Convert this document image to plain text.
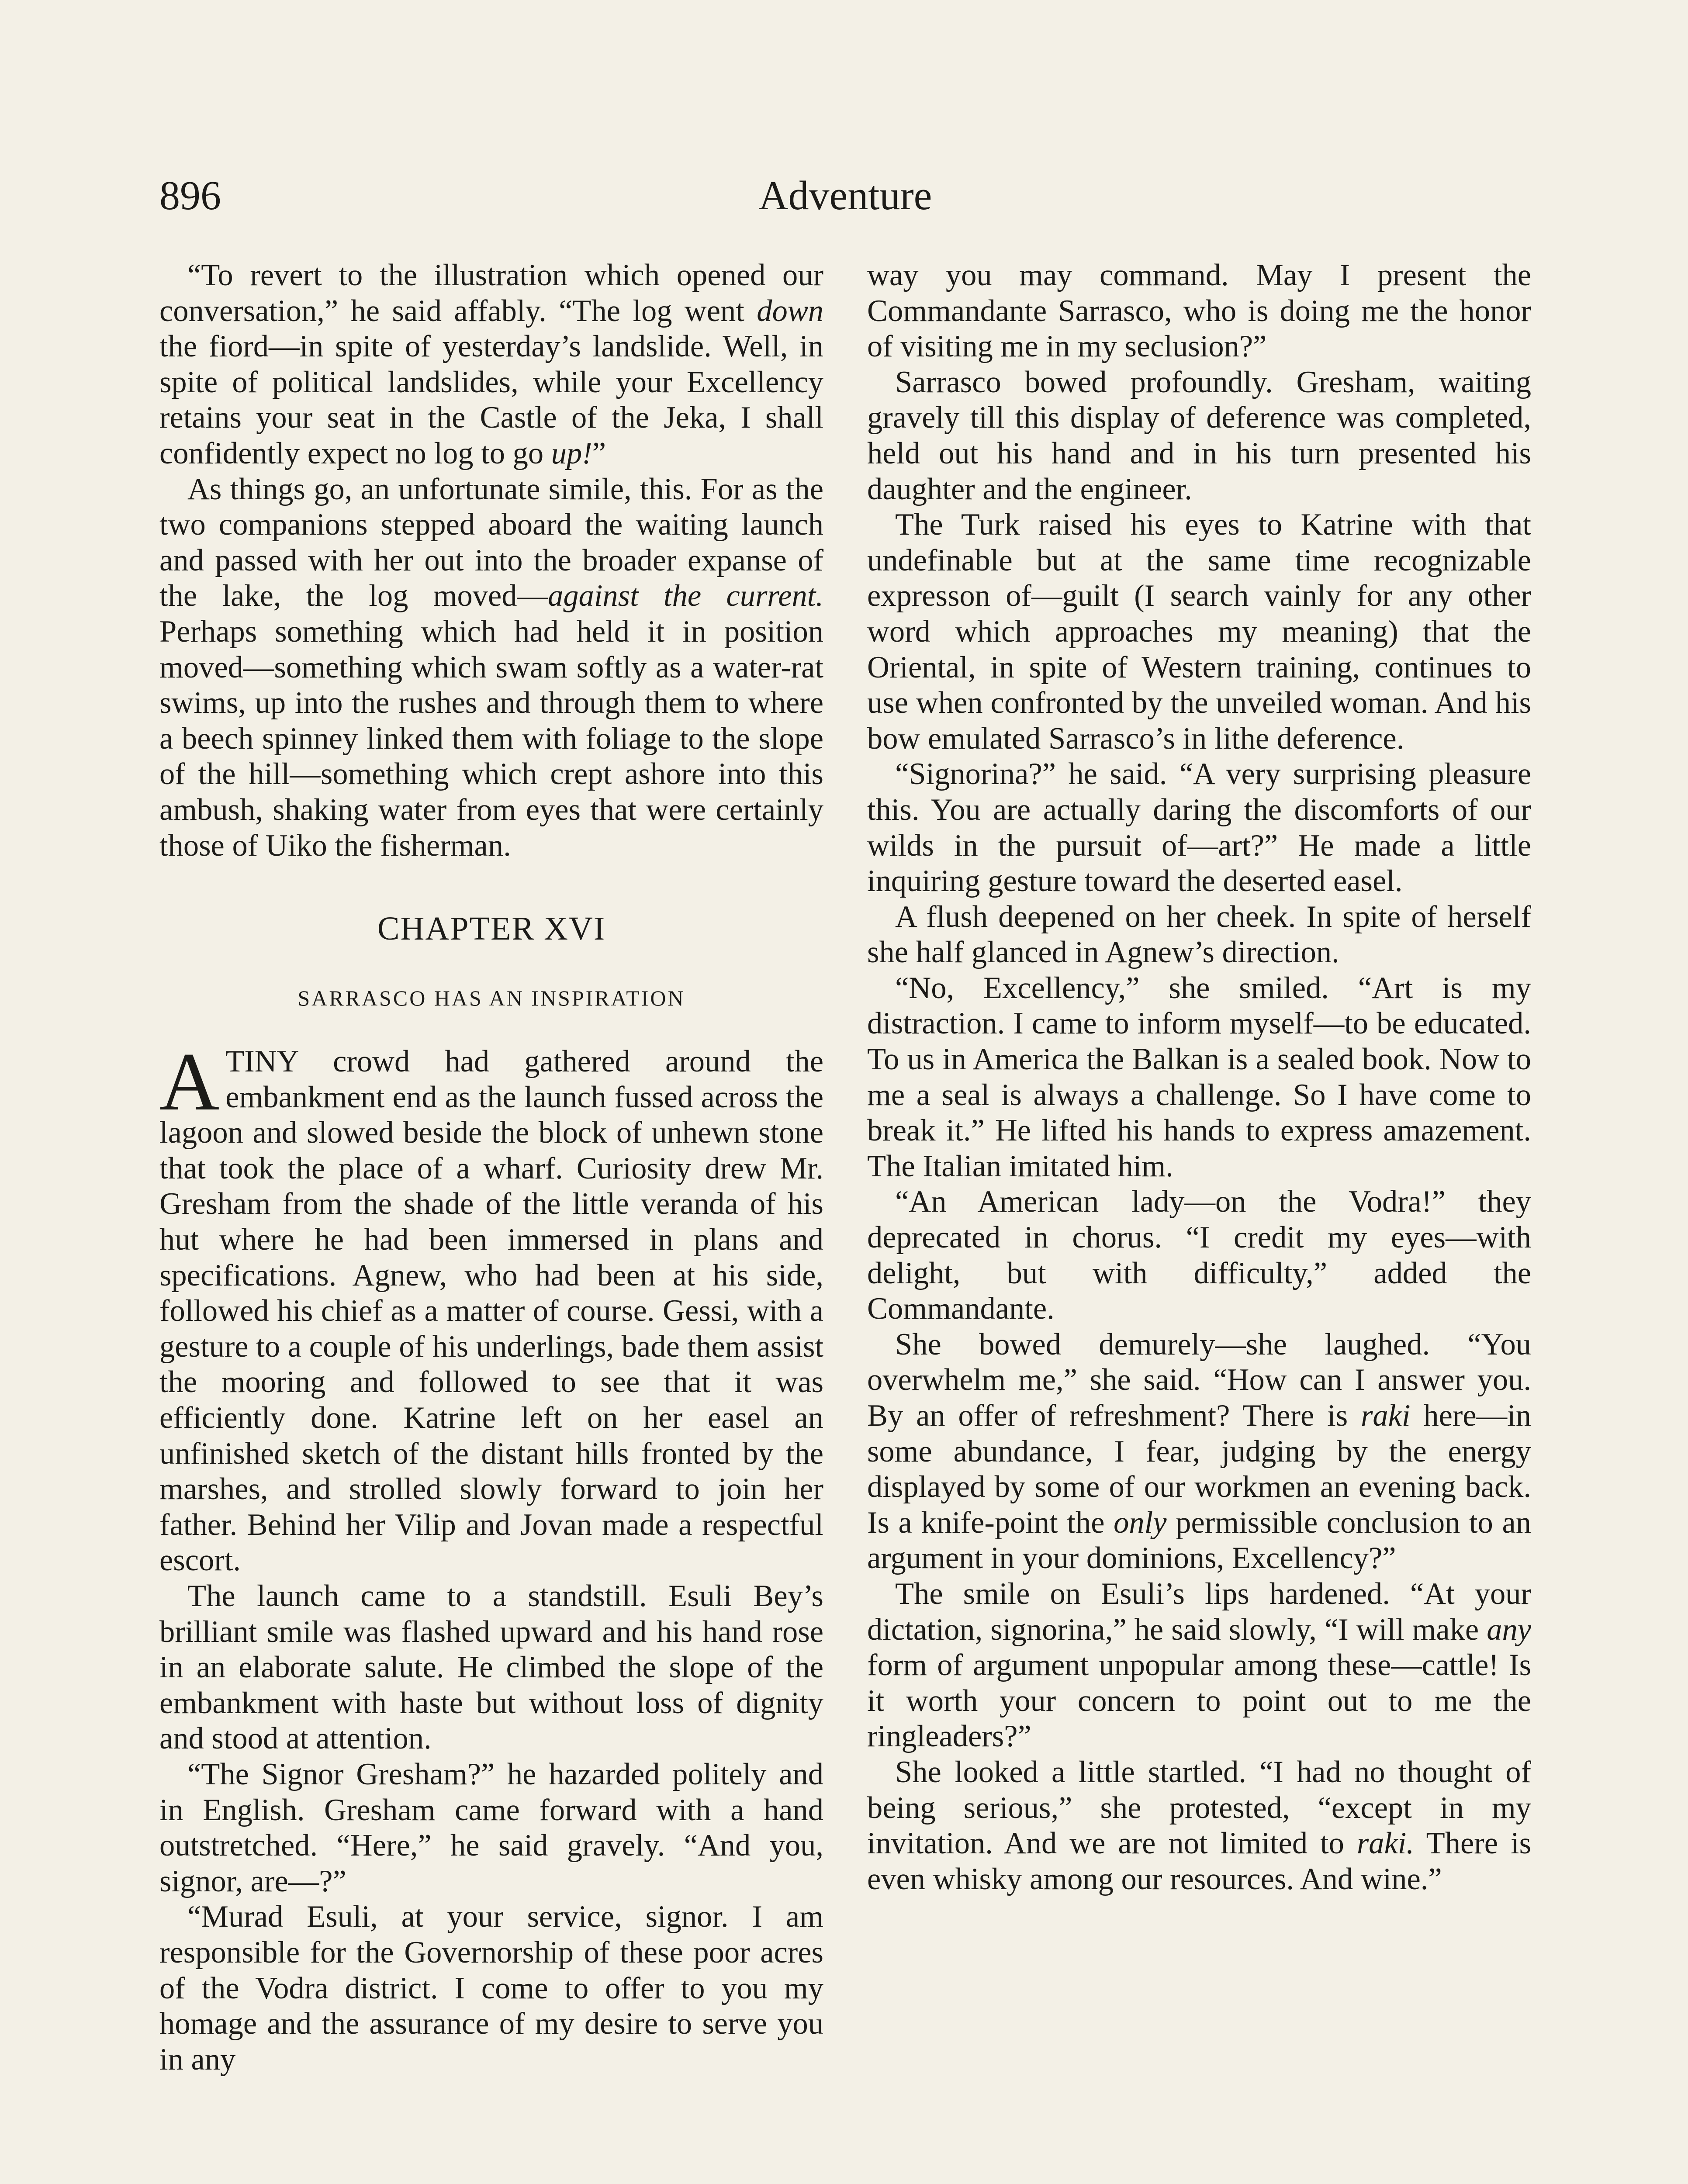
896	Adventure

“To revert to the illustration which opened our conversation,” he said affably. “The log went down the fiord—in spite of yesterday’s landslide. Well, in spite of political landslides, while your Excellency retains your seat in the Castle of the Jeka, I shall confidently expect no log to go up!”

As things go, an unfortunate simile, this. For as the two companions stepped aboard the waiting launch and passed with her out into the broader expanse of the lake, the log moved—against the current. Perhaps something which had held it in position moved—something which swam softly as a water-rat swims, up into the rushes and through them to where a beech spinney linked them with foliage to the slope of the hill—something which crept ashore into this ambush, shaking water from eyes that were certainly those of Uiko the fisherman.

CHAPTER XVI
SARRASCO HAS AN INSPIRATION

ATINY crowd had gathered around the embankment end as the launch fussed across the lagoon and slowed beside the block of unhewn stone that took the place of a wharf. Curiosity drew Mr. Gresham from the shade of the little veranda of his hut where he had been immersed in plans and specifications. Agnew, who had been at his side, followed his chief as a matter of course. Gessi, with a gesture to a couple of his underlings, bade them assist the mooring and followed to see that it was efficiently done. Katrine left on her easel an unfinished sketch of the distant hills fronted by the marshes, and strolled slowly forward to join her father. Behind her Vilip and Jovan made a respectful escort.

The launch came to a standstill. Esuli Bey’s brilliant smile was flashed upward and his hand rose in an elaborate salute. He climbed the slope of the embankment with haste but without loss of dignity and stood at attention.

“The Signor Gresham?” he hazarded politely and in English. Gresham came forward with a hand outstretched. “Here,” he said gravely. “And you, signor, are—?”

“Murad Esuli, at your service, signor. I am responsible for the Governorship of these poor acres of the Vodra district. I come to offer to you my homage and the assurance of my desire to serve you in any

way you may command. May I present the Commandante Sarrasco, who is doing me the honor of visiting me in my seclusion?”

Sarrasco bowed profoundly. Gresham, waiting gravely till this display of deference was completed, held out his hand and in his turn presented his daughter and the engineer.

The Turk raised his eyes to Katrine with that undefinable but at the same time recognizable expresson of—guilt (I search vainly for any other word which approaches my meaning) that the Oriental, in spite of Western training, continues to use when confronted by the unveiled woman. And his bow emulated Sarrasco’s in lithe deference.

“Signorina?” he said. “A very surprising pleasure this. You are actually daring the discomforts of our wilds in the pursuit of—art?” He made a little inquiring gesture toward the deserted easel.

A flush deepened on her cheek. In spite of herself she half glanced in Agnew’s direction.

“No, Excellency,” she smiled. “Art is my distraction. I came to inform myself—to be educated. To us in America the Balkan is a sealed book. Now to me a seal is always a challenge. So I have come to break it.” He lifted his hands to express amazement. The Italian imitated him.

“An American lady—on the Vodra!” they deprecated in chorus. “I credit my eyes—with delight, but with difficulty,” added the Commandante.

She bowed demurely—she laughed. “You overwhelm me,” she said. “How can I answer you. By an offer of refreshment? There is raki here—in some abundance, I fear, judging by the energy displayed by some of our workmen an evening back. Is a knife-point the only permissible conclusion to an argument in your dominions, Excellency?”

The smile on Esuli’s lips hardened. “At your dictation, signorina,” he said slowly, “I will make any form of argument unpopular among these—cattle! Is it worth your concern to point out to me the ringleaders?”

She looked a little startled. “I had no thought of being serious,” she protested, “except in my invitation. And we are not limited to raki. There is even whisky among our resources. And wine.”
